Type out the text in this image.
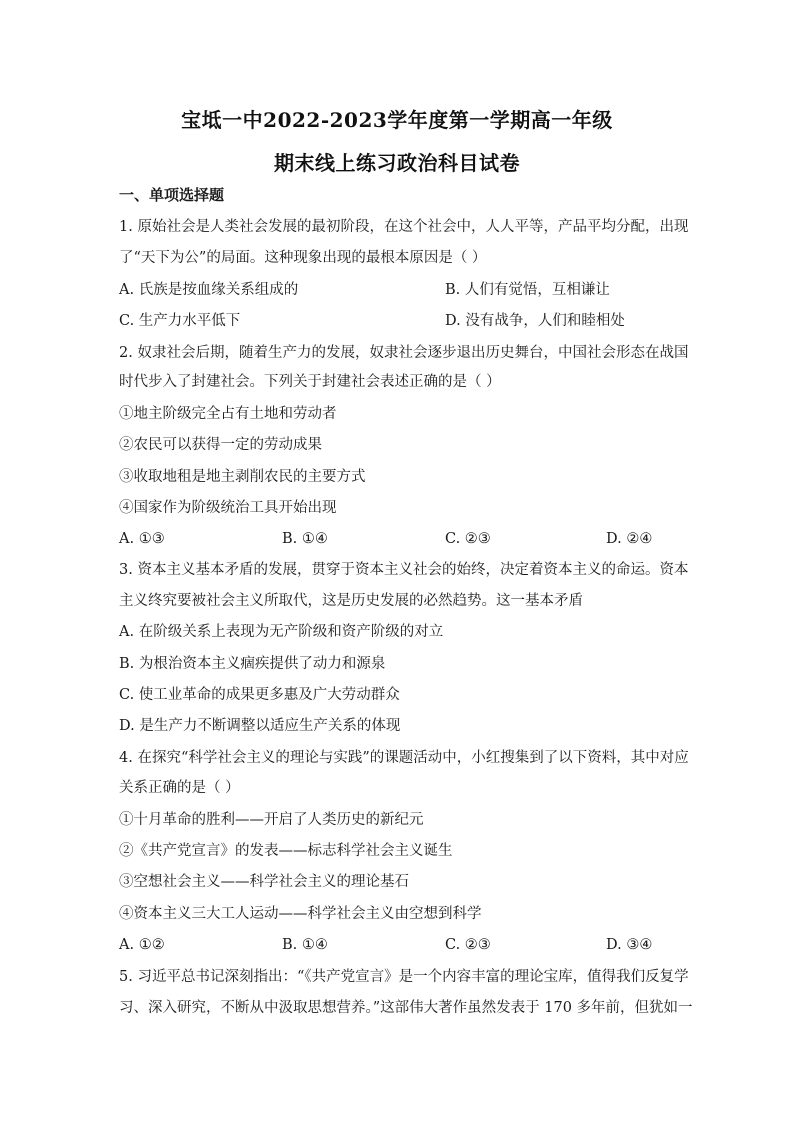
宝坻一中2022-2023学年度第一学期高一年级
期末线上练习政治科目试卷
一、单项选择题
1. 原始社会是人类社会发展的最初阶段，在这个社会中，人人平等，产品平均分配，出现
了“天下为公”的局面。这种现象出现的最根本原因是（ ）
A. 氏族是按血缘关系组成的	B. 人们有觉悟，互相谦让
C. 生产力水平低下	D. 没有战争，人们和睦相处
2. 奴隶社会后期，随着生产力的发展，奴隶社会逐步退出历史舞台，中国社会形态在战国
时代步入了封建社会。下列关于封建社会表述正确的是（ ）
①地主阶级完全占有土地和劳动者
②农民可以获得一定的劳动成果
③收取地租是地主剥削农民的主要方式
④国家作为阶级统治工具开始出现
A. ①③	B. ①④	C. ②③	D. ②④
3. 资本主义基本矛盾的发展，贯穿于资本主义社会的始终，决定着资本主义的命运。资本
主义终究要被社会主义所取代，这是历史发展的必然趋势。这一基本矛盾
A. 在阶级关系上表现为无产阶级和资产阶级的对立
B. 为根治资本主义痼疾提供了动力和源泉
C. 使工业革命的成果更多惠及广大劳动群众
D. 是生产力不断调整以适应生产关系的体现
4. 在探究“科学社会主义的理论与实践”的课题活动中，小红搜集到了以下资料，其中对应
关系正确的是（ ）
①十月革命的胜利——开启了人类历史的新纪元
②《共产党宣言》的发表——标志科学社会主义诞生
③空想社会主义——科学社会主义的理论基石
④资本主义三大工人运动——科学社会主义由空想到科学
A. ①②	B. ①④	C. ②③	D. ③④
5. 习近平总书记深刻指出：“《共产党宣言》是一个内容丰富的理论宝库，值得我们反复学
习、深入研究，不断从中汲取思想营养。”这部伟大著作虽然发表于 170 多年前，但犹如一
